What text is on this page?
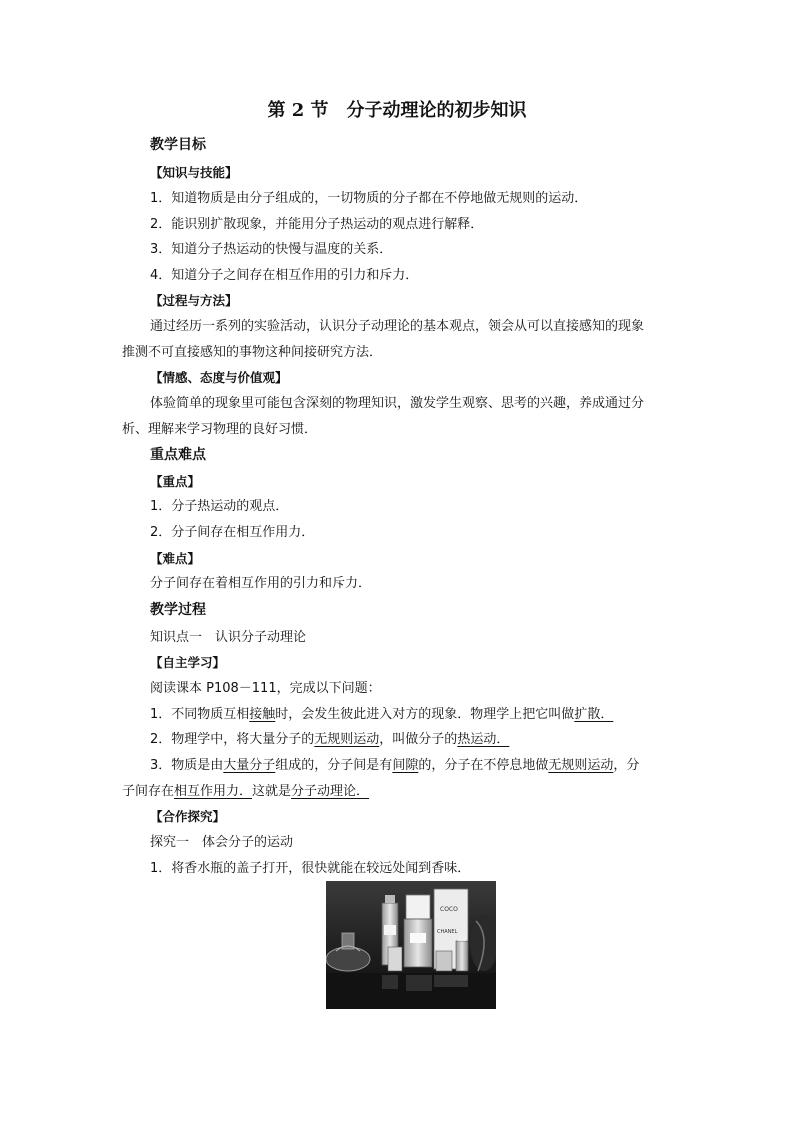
第 2 节　分子动理论的初步知识
教学目标
【知识与技能】
1．知道物质是由分子组成的，一切物质的分子都在不停地做无规则的运动．
2．能识别扩散现象，并能用分子热运动的观点进行解释．
3．知道分子热运动的快慢与温度的关系．
4．知道分子之间存在相互作用的引力和斥力．
【过程与方法】
通过经历一系列的实验活动，认识分子动理论的基本观点，领会从可以直接感知的现象
推测不可直接感知的事物这种间接研究方法．
【情感、态度与价值观】
体验简单的现象里可能包含深刻的物理知识，激发学生观察、思考的兴趣，养成通过分
析、理解来学习物理的良好习惯．
重点难点
【重点】
1．分子热运动的观点．
2．分子间存在相互作用力．
【难点】
分子间存在着相互作用的引力和斥力．
教学过程
知识点一　认识分子动理论
【自主学习】
阅读课本 P108－111，完成以下问题：
1．不同物质互相接触时，会发生彼此进入对方的现象．物理学上把它叫做扩散．
2．物理学中，将大量分子的无规则运动，叫做分子的热运动．
3．物质是由大量分子组成的，分子间是有间隙的，分子在不停息地做无规则运动，分
子间存在相互作用力．这就是分子动理论．
【合作探究】
探究一　体会分子的运动
1．将香水瓶的盖子打开，很快就能在较远处闻到香味．
COCO
CHANEL
